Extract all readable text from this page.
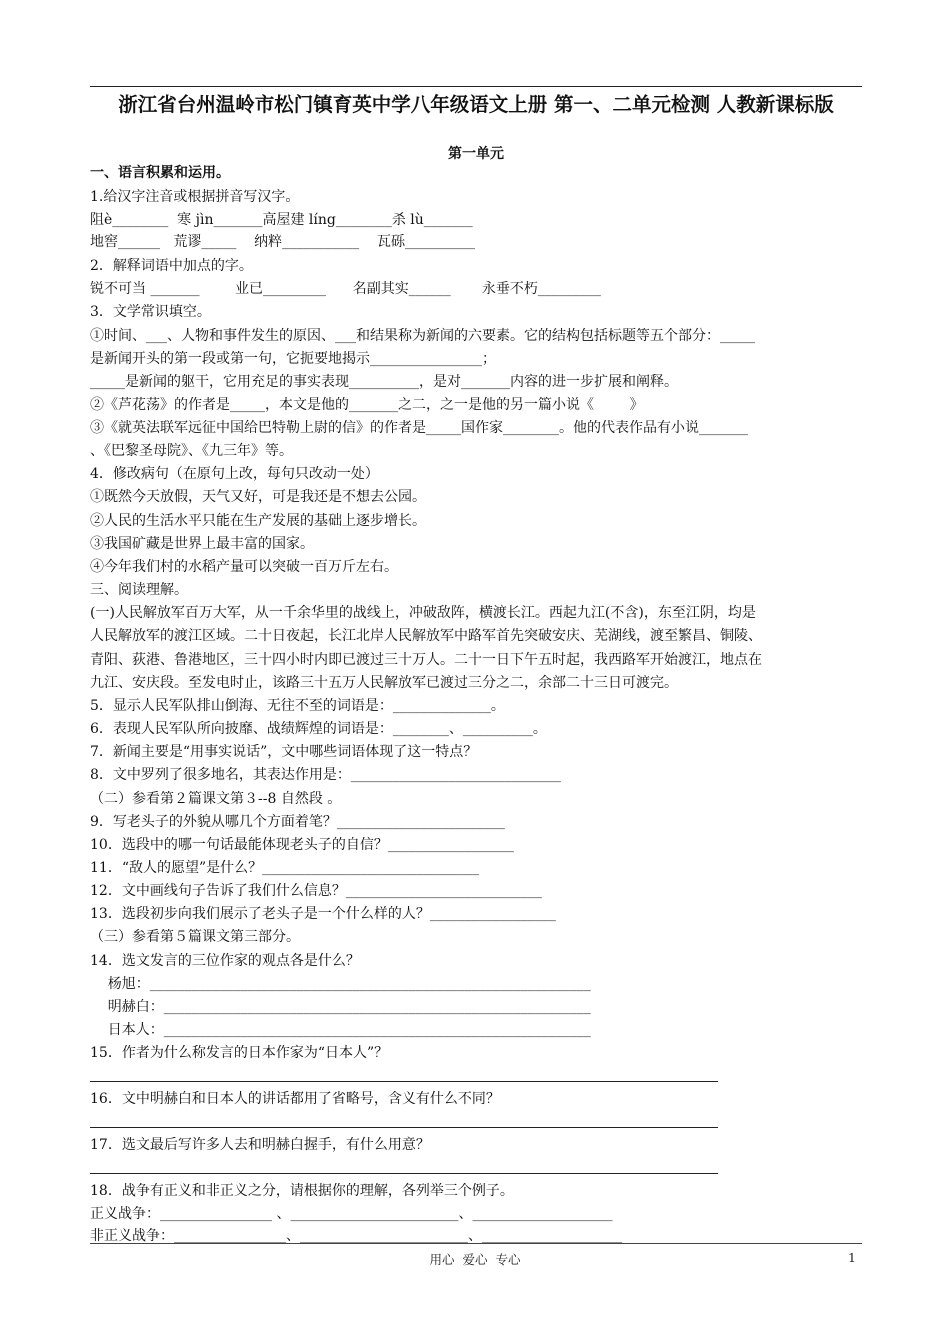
浙江省台州温岭市松门镇育英中学八年级语文上册 第一、二单元检测 人教新课标版
第一单元
一、语言积累和运用。
1.给汉字注音或根据拼音写汉字。
阻è________  寒 jìn_______高屋建 líng________杀 lù_______
地窖______   荒谬_____    纳粹___________    瓦砾__________
2．解释词语中加点的字。
锐不可当 _______        业已_________      名副其实______       永垂不朽_________
3．文学常识填空。
①时间、___、人物和事件发生的原因、___和结果称为新闻的六要素。它的结构包括标题等五个部分：_____
是新闻开头的第一段或第一句，它扼要地揭示________________；
_____是新闻的躯干，它用充足的事实表现__________，是对_______内容的进一步扩展和阐释。
②《芦花荡》的作者是_____，本文是他的_______之二，之一是他的另一篇小说《        》
③《就英法联军远征中国给巴特勒上尉的信》的作者是_____国作家________。他的代表作品有小说_______
、《巴黎圣母院》、《九三年》等。
4．修改病句（在原句上改，每句只改动一处）
①既然今天放假，天气又好，可是我还是不想去公园。
②人民的生活水平只能在生产发展的基础上逐步增长。
③我国矿藏是世界上最丰富的国家。
④今年我们村的水稻产量可以突破一百万斤左右。
三、阅读理解。
(一)人民解放军百万大军，从一千余华里的战线上，冲破敌阵，横渡长江。西起九江(不含)，东至江阴，均是
人民解放军的渡江区域。二十日夜起，长江北岸人民解放军中路军首先突破安庆、芜湖线，渡至繁昌、铜陵、
青阳、荻港、鲁港地区，三十四小时内即已渡过三十万人。二十一日下午五时起，我西路军开始渡江，地点在
九江、安庆段。至发电时止，该路三十五万人民解放军已渡过三分之二，余部二十三日可渡完。
5．显示人民军队排山倒海、无往不至的词语是：______________。
6．表现人民军队所向披靡、战绩辉煌的词语是：________、__________。
7．新闻主要是“用事实说话”，文中哪些词语体现了这一特点？
8．文中罗列了很多地名，其表达作用是：______________________________
（二）参看第２篇课文第３--8 自然段 。
9．写老头子的外貌从哪几个方面着笔？________________________
10．选段中的哪一句话最能体现老头子的自信？__________________
11．“敌人的愿望”是什么？_______________________________
12．文中画线句子告诉了我们什么信息？____________________________
13．选段初步向我们展示了老头子是一个什么样的人？__________________
（三）参看第５篇课文第三部分。
14．选文发言的三位作家的观点各是什么？
杨旭：_______________________________________________________________
明赫白：_____________________________________________________________
日本人：_____________________________________________________________
15．作者为什么称发言的日本作家为“日本人”？
16．文中明赫白和日本人的讲话都用了省略号，含义有什么不同？
17．选文最后写许多人去和明赫白握手，有什么用意？
18．战争有正义和非正义之分，请根据你的理解，各列举三个例子。
正义战争：________________ 、________________________、____________________
非正义战争：________________、________________________、____________________
用心  爱心  专心	1
